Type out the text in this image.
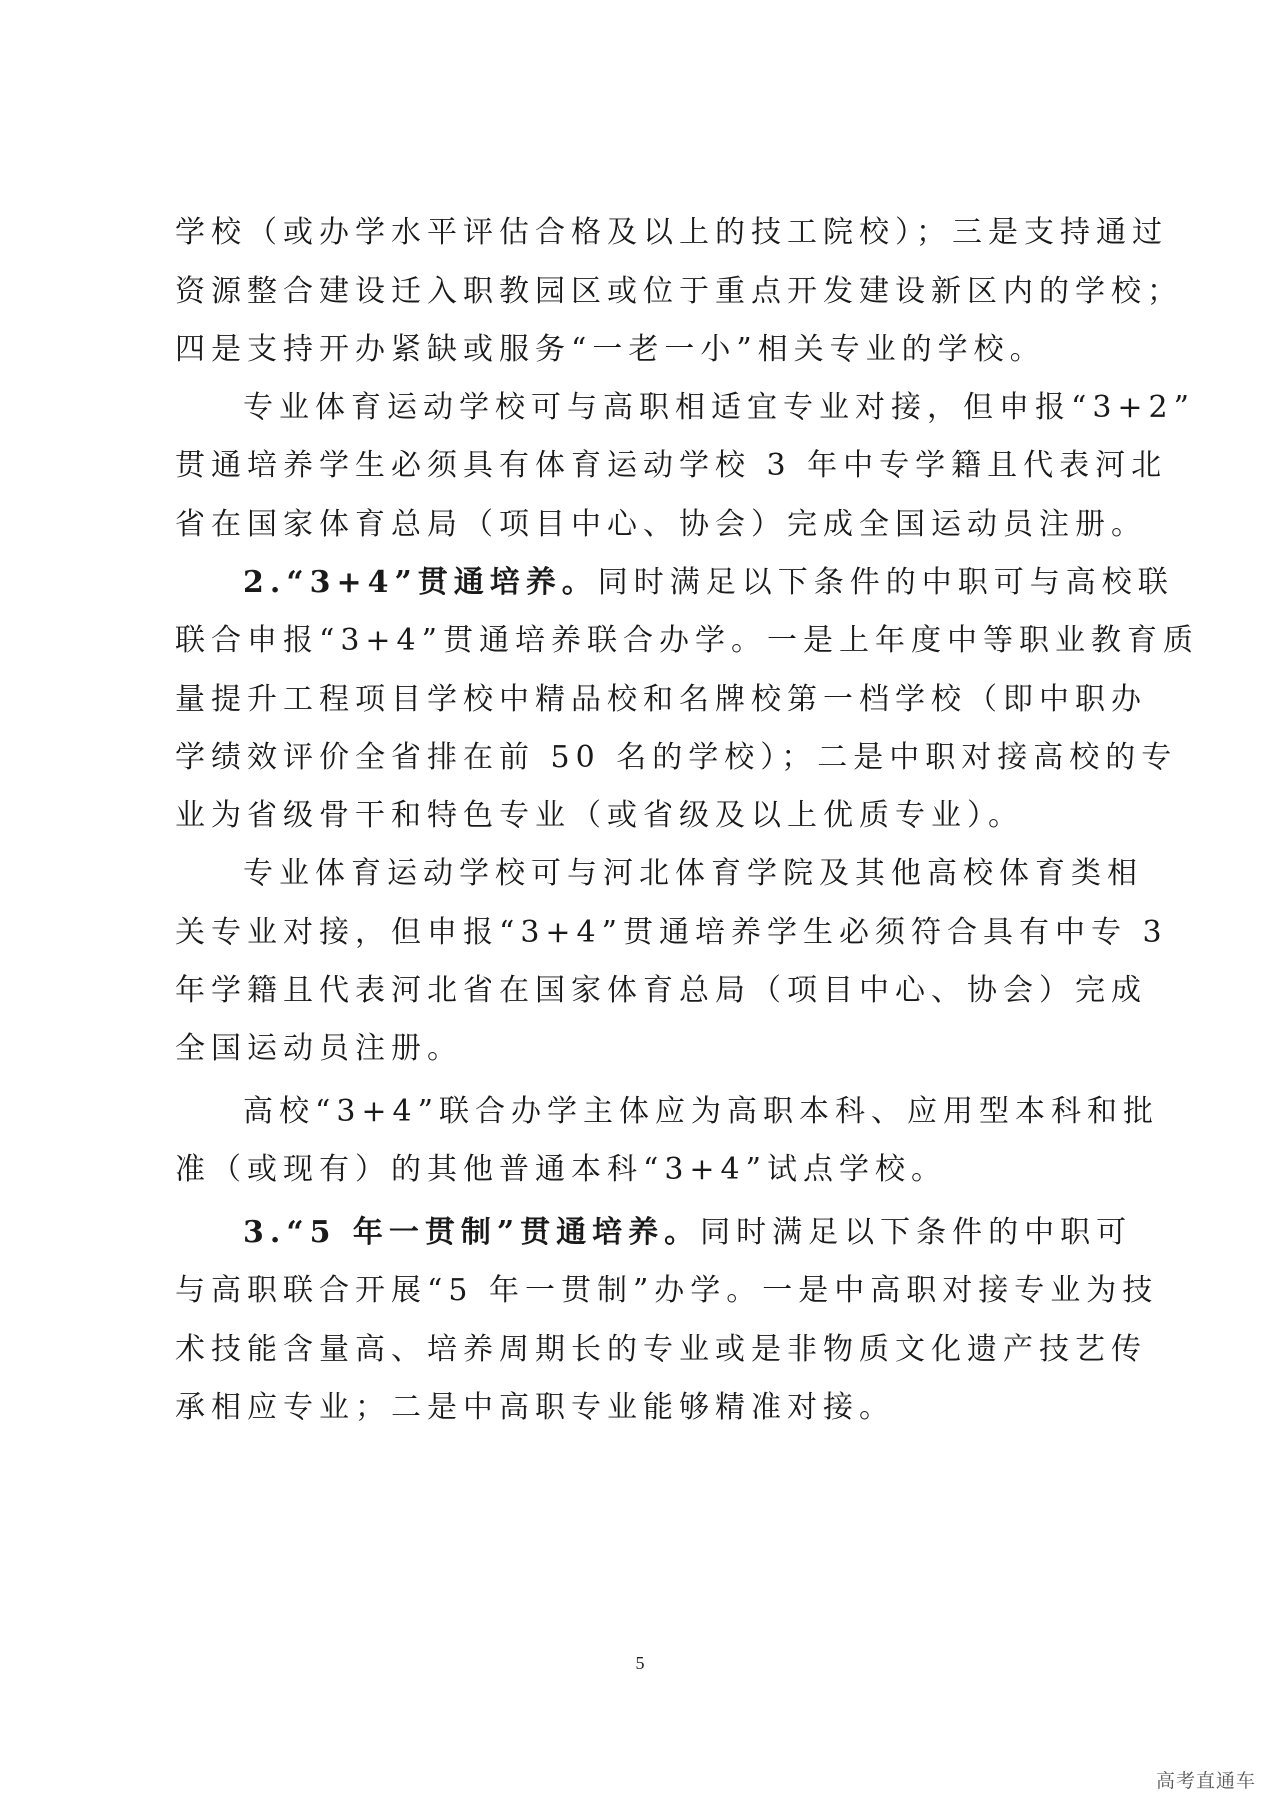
学校（或办学水平评估合格及以上的技工院校）；三是支持通过
资源整合建设迁入职教园区或位于重点开发建设新区内的学校；
四是支持开办紧缺或服务“一老一小”相关专业的学校。
专业体育运动学校可与高职相适宜专业对接，但申报“3+2”
贯通培养学生必须具有体育运动学校 3 年中专学籍且代表河北
省在国家体育总局（项目中心、协会）完成全国运动员注册。
2.“3+4”贯通培养。同时满足以下条件的中职可与高校联
联合申报“3+4”贯通培养联合办学。一是上年度中等职业教育质
量提升工程项目学校中精品校和名牌校第一档学校（即中职办
学绩效评价全省排在前 50 名的学校）；二是中职对接高校的专
业为省级骨干和特色专业（或省级及以上优质专业）。
专业体育运动学校可与河北体育学院及其他高校体育类相
关专业对接，但申报“3+4”贯通培养学生必须符合具有中专 3
年学籍且代表河北省在国家体育总局（项目中心、协会）完成
全国运动员注册。
高校“3+4”联合办学主体应为高职本科、应用型本科和批
准（或现有）的其他普通本科“3+4”试点学校。
3.“5 年一贯制”贯通培养。同时满足以下条件的中职可
与高职联合开展“5 年一贯制”办学。一是中高职对接专业为技
术技能含量高、培养周期长的专业或是非物质文化遗产技艺传
承相应专业；二是中高职专业能够精准对接。
5
高考直通车
